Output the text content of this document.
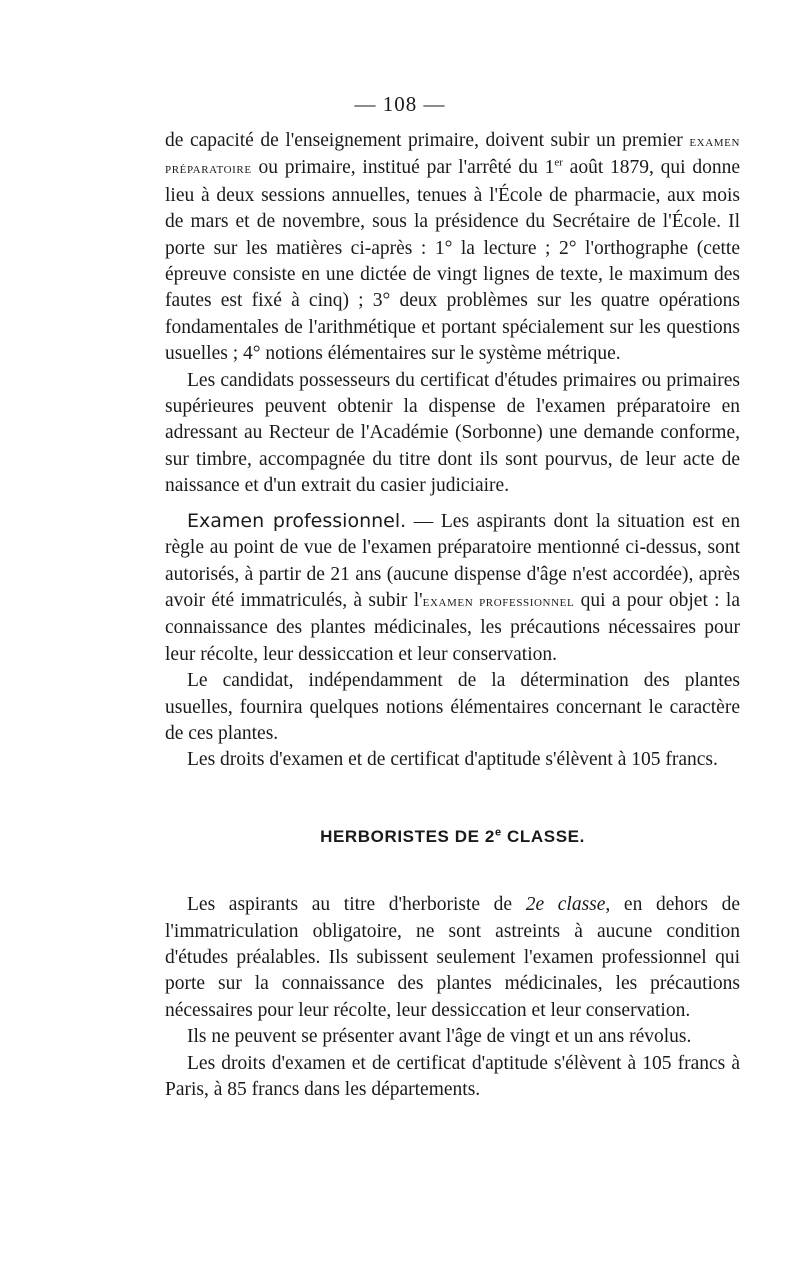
— 108 —

de capacité de l'enseignement primaire, doivent subir un premier examen préparatoire ou primaire, institué par l'arrêté du 1er août 1879, qui donne lieu à deux sessions annuelles, tenues à l'École de pharmacie, aux mois de mars et de novembre, sous la présidence du Secrétaire de l'École. Il porte sur les matières ci-après : 1° la lecture ; 2° l'orthographe (cette épreuve consiste en une dictée de vingt lignes de texte, le maximum des fautes est fixé à cinq) ; 3° deux problèmes sur les quatre opérations fondamentales de l'arithmétique et portant spécialement sur les questions usuelles ; 4° notions élémentaires sur le système métrique.

Les candidats possesseurs du certificat d'études primaires ou primaires supérieures peuvent obtenir la dispense de l'examen préparatoire en adressant au Recteur de l'Académie (Sorbonne) une demande conforme, sur timbre, accompagnée du titre dont ils sont pourvus, de leur acte de naissance et d'un extrait du casier judiciaire.

Examen professionnel. — Les aspirants dont la situation est en règle au point de vue de l'examen préparatoire mentionné ci-dessus, sont autorisés, à partir de 21 ans (aucune dispense d'âge n'est accordée), après avoir été immatriculés, à subir l'examen professionnel qui a pour objet : la connaissance des plantes médicinales, les précautions nécessaires pour leur récolte, leur dessiccation et leur conservation.

Le candidat, indépendamment de la détermination des plantes usuelles, fournira quelques notions élémentaires concernant le caractère de ces plantes.

Les droits d'examen et de certificat d'aptitude s'élèvent à 105 francs.

HERBORISTES DE 2e CLASSE.

Les aspirants au titre d'herboriste de 2e classe, en dehors de l'immatriculation obligatoire, ne sont astreints à aucune condition d'études préalables. Ils subissent seulement l'examen professionnel qui porte sur la connaissance des plantes médicinales, les précautions nécessaires pour leur récolte, leur dessiccation et leur conservation.

Ils ne peuvent se présenter avant l'âge de vingt et un ans révolus.

Les droits d'examen et de certificat d'aptitude s'élèvent à 105 francs à Paris, à 85 francs dans les départements.
